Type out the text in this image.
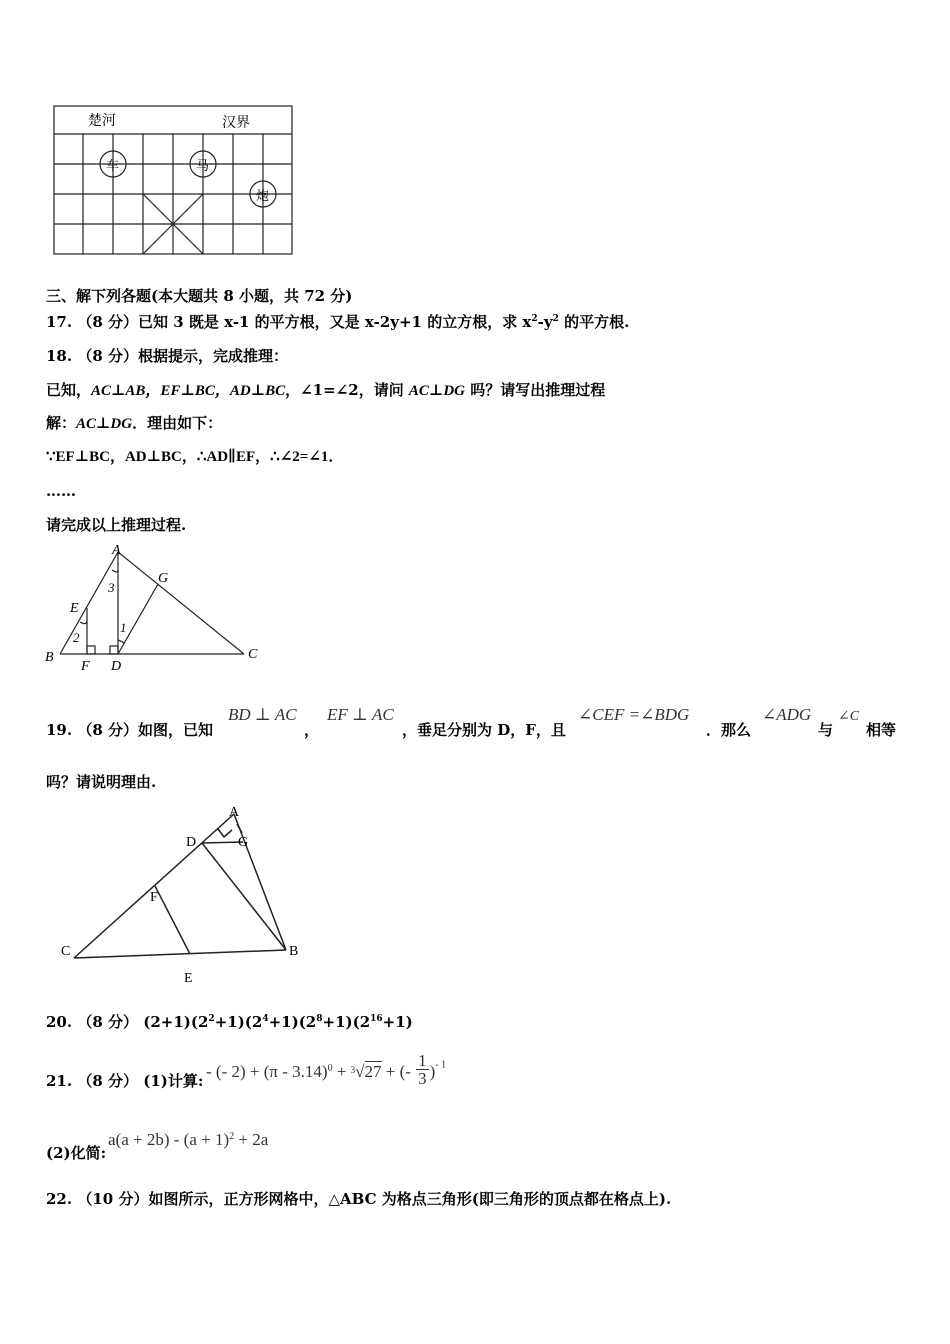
楚河	汉界
车	马
炮
三、解下列各题(本大题共 8 小题，共 72 分)
17. （8 分）已知 3 既是 x-1 的平方根，又是 x-2y+1 的立方根，求 $x^2-y^2$ 的平方根.
18. （8 分）根据提示，完成推理：
已知，AC⊥AB，EF⊥BC，AD⊥BC，∠1=∠2，请问 AC⊥DG 吗？请写出推理过程
解：AC⊥DG．理由如下：
∵EF⊥BC，AD⊥BC，∴AD∥EF，∴∠2=∠1．
……
请完成以上推理过程.
A
G
E
3
2
1
B
F D
C
19. （8 分）如图，已知
BD ⊥ AC
，
EF ⊥ AC
，垂足分别为 D，F，且
∠CEF =∠BDG
．那么
∠ADG
与
∠C
相等
吗？请说明理由.
A
D	G
F
C
E
B
20. （8 分） $(2+1)(2^2+1)(2^4+1)(2^8+1)(2^{16}+1)$
21. （8 分） (1)计算: - (- 2) + (π - 3.14)$^0$ + 3√27 + (- $\frac{1}{3} )^{- 1}$
(2)化简:
$a(a + 2b) - (a + 1)^2 + 2a$
22. （10 分）如图所示，正方形网格中，△ABC 为格点三角形(即三角形的顶点都在格点上).
